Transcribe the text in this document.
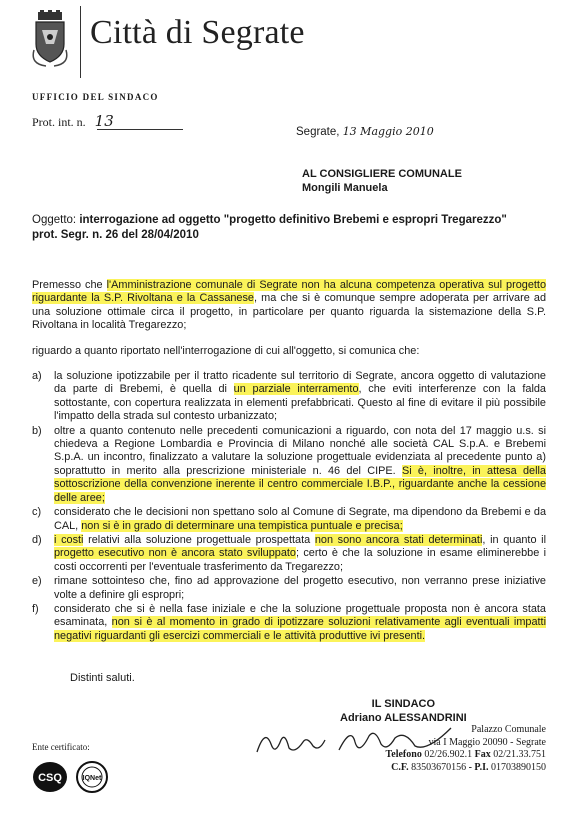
Città di Segrate
UFFICIO DEL SINDACO
Prot. int. n. 13
Segrate, 13 Maggio 2010
AL CONSIGLIERE COMUNALE
Mongili Manuela
Oggetto: interrogazione ad oggetto "progetto definitivo Brebemi e espropri Tregarezzo"
prot. Segr. n. 26 del 28/04/2010

Premesso che l'Amministrazione comunale di Segrate non ha alcuna competenza operativa sul progetto riguardante la S.P. Rivoltana e la Cassanese, ma che si è comunque sempre adoperata per arrivare ad una soluzione ottimale circa il progetto, in particolare per quanto riguarda la sistemazione della S.P. Rivoltana in località Tregarezzo;

riguardo a quanto riportato nell'interrogazione di cui all'oggetto, si comunica che:

a) la soluzione ipotizzabile per il tratto ricadente sul territorio di Segrate, ancora oggetto di valutazione da parte di Brebemi, è quella di un parziale interramento, che eviti interferenze con la falda sottostante, con copertura realizzata in elementi prefabbricati. Questo al fine di evitare il più possibile l'impatto della strada sul contesto urbanizzato;
b) oltre a quanto contenuto nelle precedenti comunicazioni a riguardo, con nota del 17 maggio u.s. si chiedeva a Regione Lombardia e Provincia di Milano nonché alle società CAL S.p.A. e Brebemi S.p.A. un incontro, finalizzato a valutare la soluzione progettuale evidenziata al precedente punto a) soprattutto in merito alla prescrizione ministeriale n. 46 del CIPE. Si è, inoltre, in attesa della sottoscrizione della convenzione inerente il centro commerciale I.B.P., riguardante anche la cessione delle aree;
c) considerato che le decisioni non spettano solo al Comune di Segrate, ma dipendono da Brebemi e da CAL, non si è in grado di determinare una tempistica puntuale e precisa;
d) i costi relativi alla soluzione progettuale prospettata non sono ancora stati determinati, in quanto il progetto esecutivo non è ancora stato sviluppato; certo è che la soluzione in esame eliminerebbe i costi occorrenti per l'eventuale trasferimento da Tregarezzo;
e) rimane sottointeso che, fino ad approvazione del progetto esecutivo, non verranno prese iniziative volte a definire gli espropri;
f) considerato che si è nella fase iniziale e che la soluzione progettuale proposta non è ancora stata esaminata, non si è al momento in grado di ipotizzare soluzioni relativamente agli eventuali impatti negativi riguardanti gli esercizi commerciali e le attività produttive ivi presenti.
Distinti saluti.
IL SINDACO
Adriano ALESSANDRINI
Ente certificato:
CSQ	IQNet
Palazzo Comunale
via I Maggio 20090 - Segrate
Telefono 02/26.902.1 Fax 02/21.33.751
C.F. 83503670156 - P.I. 01703890150
